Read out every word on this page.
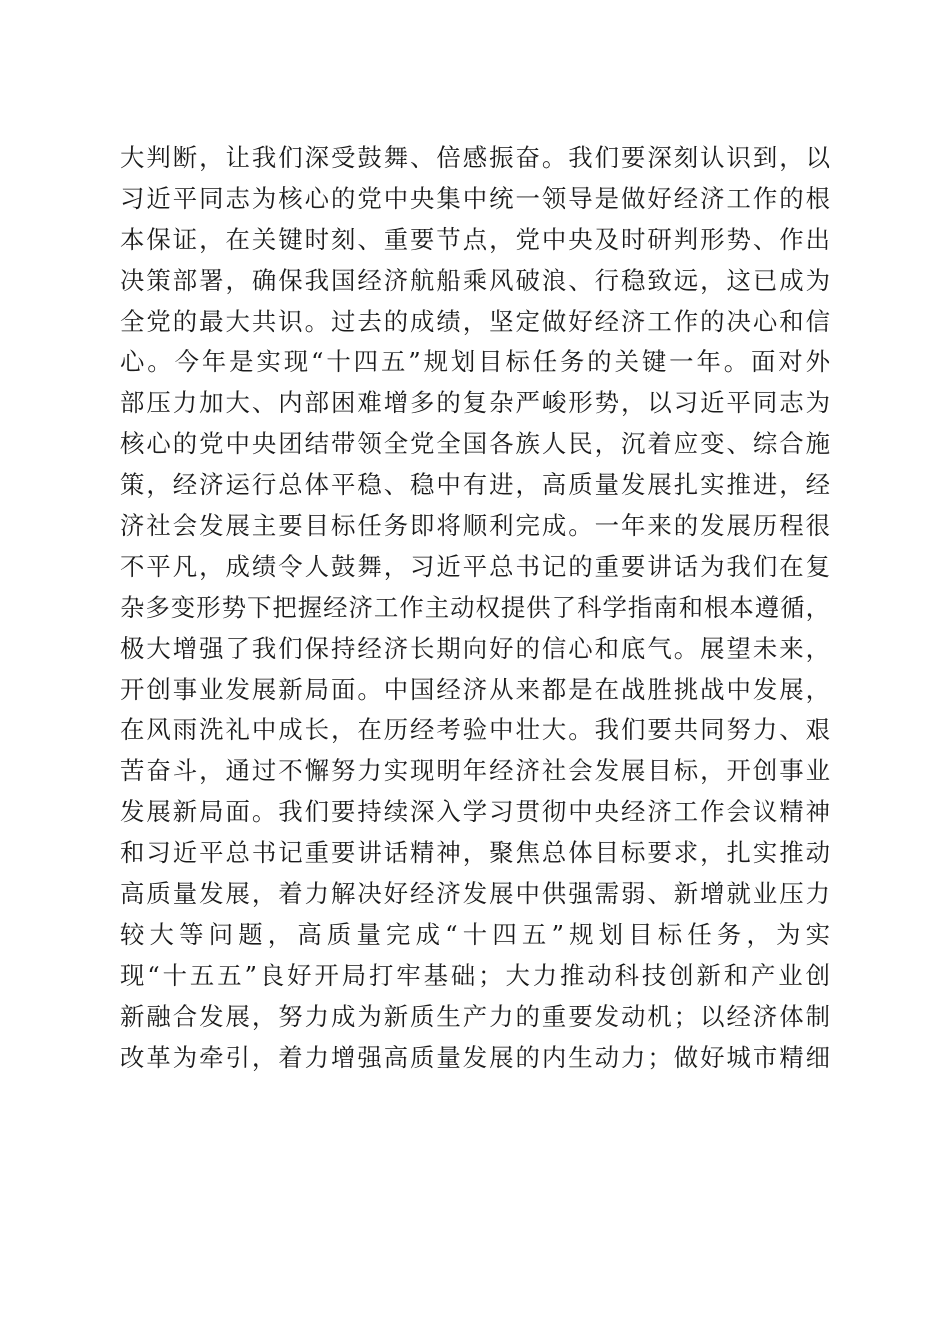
大判断，让我们深受鼓舞、倍感振奋。我们要深刻认识到，以
习近平同志为核心的党中央集中统一领导是做好经济工作的根
本保证，在关键时刻、重要节点，党中央及时研判形势、作出
决策部署，确保我国经济航船乘风破浪、行稳致远，这已成为
全党的最大共识。过去的成绩，坚定做好经济工作的决心和信
心。今年是实现“十四五”规划目标任务的关键一年。面对外
部压力加大、内部困难增多的复杂严峻形势，以习近平同志为
核心的党中央团结带领全党全国各族人民，沉着应变、综合施
策，经济运行总体平稳、稳中有进，高质量发展扎实推进，经
济社会发展主要目标任务即将顺利完成。一年来的发展历程很
不平凡，成绩令人鼓舞，习近平总书记的重要讲话为我们在复
杂多变形势下把握经济工作主动权提供了科学指南和根本遵循，
极大增强了我们保持经济长期向好的信心和底气。展望未来，
开创事业发展新局面。中国经济从来都是在战胜挑战中发展，
在风雨洗礼中成长，在历经考验中壮大。我们要共同努力、艰
苦奋斗，通过不懈努力实现明年经济社会发展目标，开创事业
发展新局面。我们要持续深入学习贯彻中央经济工作会议精神
和习近平总书记重要讲话精神，聚焦总体目标要求，扎实推动
高质量发展，着力解决好经济发展中供强需弱、新增就业压力
较大等问题，高质量完成“十四五”规划目标任务，为实
现“十五五”良好开局打牢基础；大力推动科技创新和产业创
新融合发展，努力成为新质生产力的重要发动机；以经济体制
改革为牵引，着力增强高质量发展的内生动力；做好城市精细
